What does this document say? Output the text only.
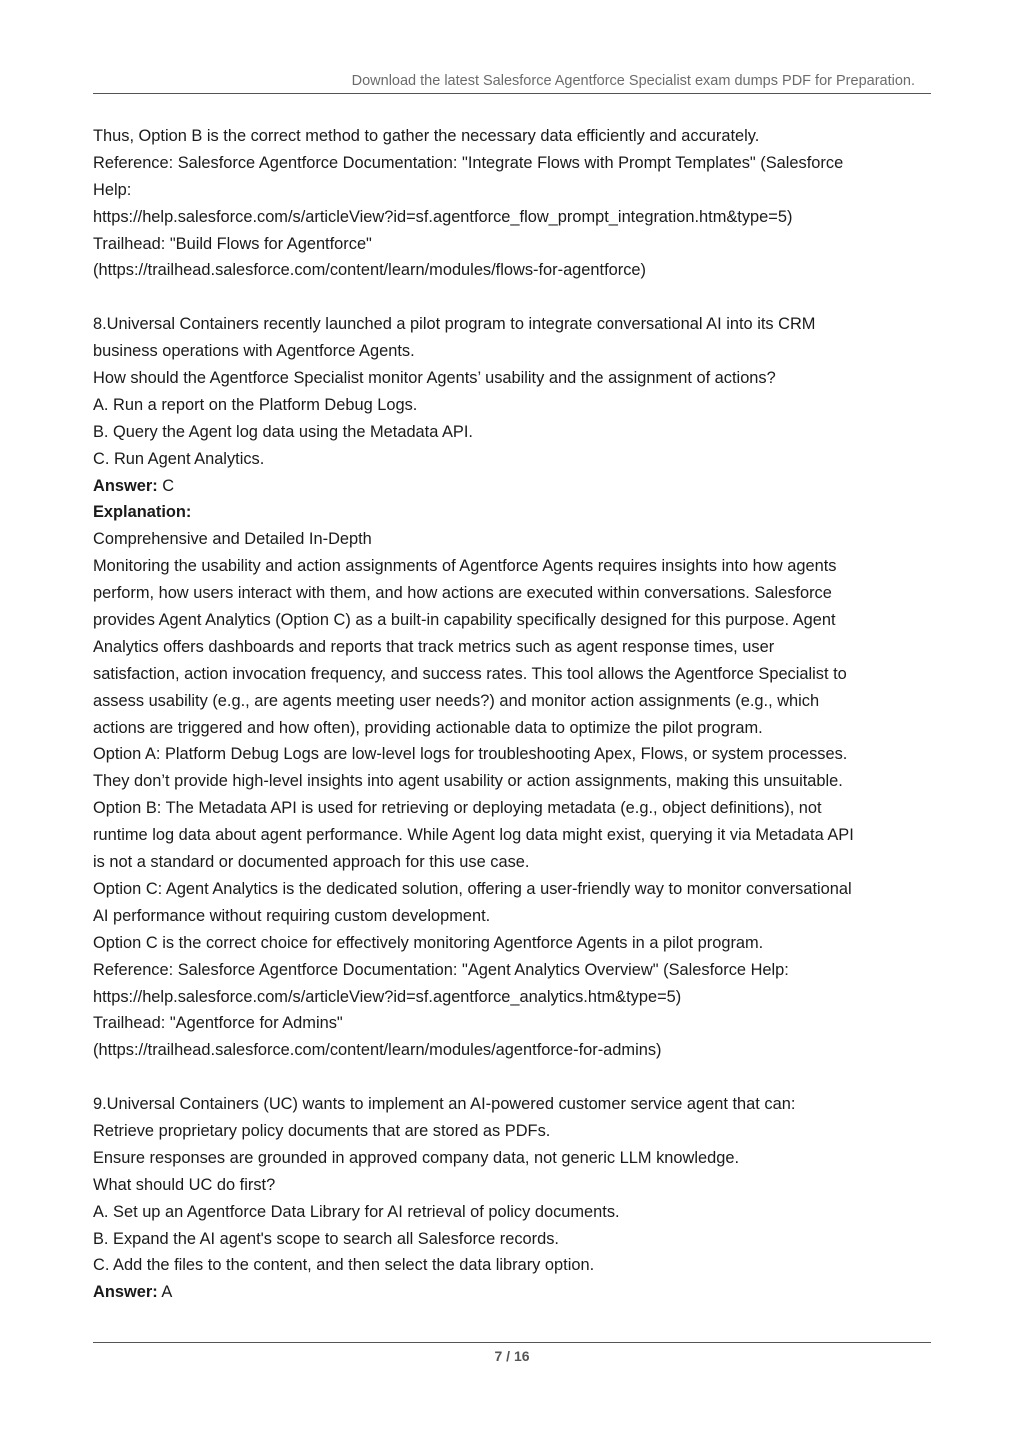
Download the latest Salesforce Agentforce Specialist exam dumps PDF for Preparation.
Thus, Option B is the correct method to gather the necessary data efficiently and accurately.
Reference: Salesforce Agentforce Documentation: "Integrate Flows with Prompt Templates" (Salesforce
Help:
https://help.salesforce.com/s/articleView?id=sf.agentforce_flow_prompt_integration.htm&type=5)
Trailhead: "Build Flows for Agentforce"
(https://trailhead.salesforce.com/content/learn/modules/flows-for-agentforce)
8.Universal Containers recently launched a pilot program to integrate conversational AI into its CRM
business operations with Agentforce Agents.
How should the Agentforce Specialist monitor Agents’ usability and the assignment of actions?
A. Run a report on the Platform Debug Logs.
B. Query the Agent log data using the Metadata API.
C. Run Agent Analytics.
Answer: C
Explanation:
Comprehensive and Detailed In-Depth
Monitoring the usability and action assignments of Agentforce Agents requires insights into how agents
perform, how users interact with them, and how actions are executed within conversations. Salesforce
provides Agent Analytics (Option C) as a built-in capability specifically designed for this purpose. Agent
Analytics offers dashboards and reports that track metrics such as agent response times, user
satisfaction, action invocation frequency, and success rates. This tool allows the Agentforce Specialist to
assess usability (e.g., are agents meeting user needs?) and monitor action assignments (e.g., which
actions are triggered and how often), providing actionable data to optimize the pilot program.
Option A: Platform Debug Logs are low-level logs for troubleshooting Apex, Flows, or system processes.
They don’t provide high-level insights into agent usability or action assignments, making this unsuitable.
Option B: The Metadata API is used for retrieving or deploying metadata (e.g., object definitions), not
runtime log data about agent performance. While Agent log data might exist, querying it via Metadata API
is not a standard or documented approach for this use case.
Option C: Agent Analytics is the dedicated solution, offering a user-friendly way to monitor conversational
AI performance without requiring custom development.
Option C is the correct choice for effectively monitoring Agentforce Agents in a pilot program.
Reference: Salesforce Agentforce Documentation: "Agent Analytics Overview" (Salesforce Help:
https://help.salesforce.com/s/articleView?id=sf.agentforce_analytics.htm&type=5)
Trailhead: "Agentforce for Admins"
(https://trailhead.salesforce.com/content/learn/modules/agentforce-for-admins)
9.Universal Containers (UC) wants to implement an AI-powered customer service agent that can:
Retrieve proprietary policy documents that are stored as PDFs.
Ensure responses are grounded in approved company data, not generic LLM knowledge.
What should UC do first?
A. Set up an Agentforce Data Library for AI retrieval of policy documents.
B. Expand the AI agent's scope to search all Salesforce records.
C. Add the files to the content, and then select the data library option.
Answer: A
7 / 16
